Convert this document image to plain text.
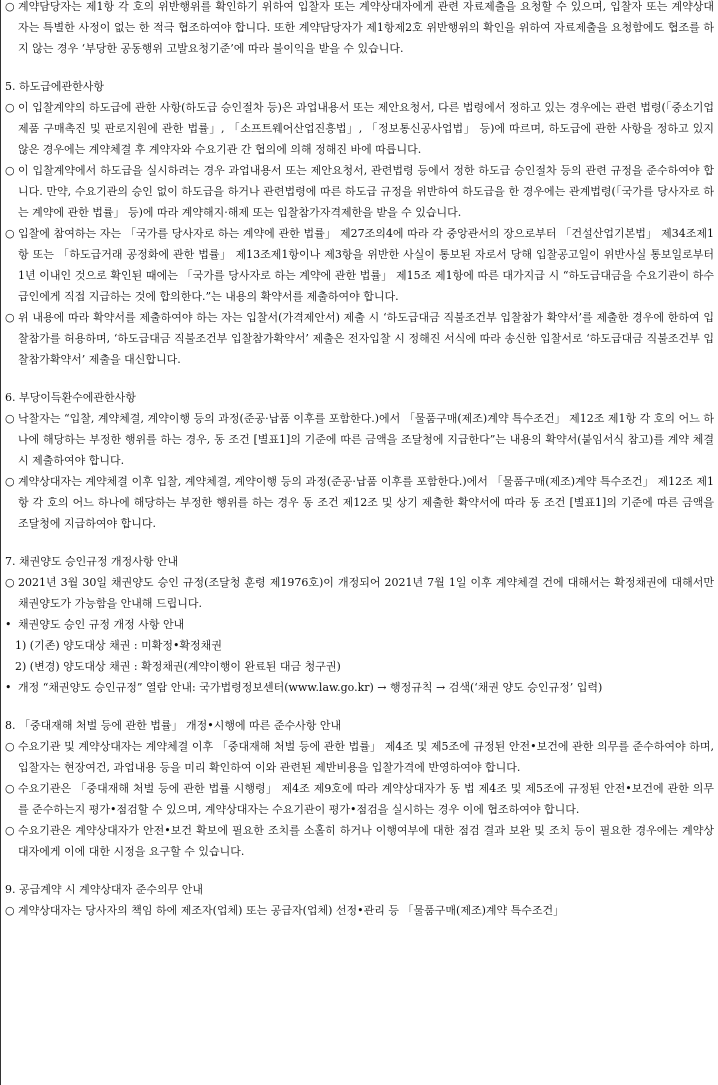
○ 계약담당자는 제1항 각 호의 위반행위를 확인하기 위하여 입찰자 또는 계약상대자에게 관련 자료제출을 요청할 수 있으며, 입찰자 또는 계약상대자는 특별한 사정이 없는 한 적극 협조하여야 합니다. 또한 계약담당자가 제1항제2호 위반행위의 확인을 위하여 자료제출을 요청함에도 협조를 하지 않는 경우 ‘부당한 공동행위 고발요청기준’에 따라 불이익을 받을 수 있습니다.

5. 하도급에관한사항

○ 이 입찰계약의 하도급에 관한 사항(하도급 승인절차 등)은 과업내용서 또는 제안요청서, 다른 법령에서 정하고 있는 경우에는 관련 법령(「중소기업제품 구매촉진 및 판로지원에 관한 법률」, 「소프트웨어산업진흥법」, 「정보통신공사업법」 등)에 따르며, 하도급에 관한 사항을 정하고 있지 않은 경우에는 계약체결 후 계약자와 수요기관 간 협의에 의해 정해진 바에 따릅니다.

○ 이 입찰계약에서 하도급을 실시하려는 경우 과업내용서 또는 제안요청서, 관련법령 등에서 정한 하도급 승인절차 등의 관련 규정을 준수하여야 합니다. 만약, 수요기관의 승인 없이 하도급을 하거나 관련법령에 따른 하도급 규정을 위반하여 하도급을 한 경우에는 관계법령(「국가를 당사자로 하는 계약에 관한 법률」 등)에 따라 계약해지·해제 또는 입찰참가자격제한을 받을 수 있습니다.

○ 입찰에 참여하는 자는 「국가를 당사자로 하는 계약에 관한 법률」 제27조의4에 따라 각 중앙관서의 장으로부터 「건설산업기본법」 제34조제1항 또는 「하도급거래 공정화에 관한 법률」 제13조제1항이나 제3항을 위반한 사실이 통보된 자로서 당해 입찰공고일이 위반사실 통보일로부터 1년 이내인 것으로 확인된 때에는 「국가를 당사자로 하는 계약에 관한 법률」 제15조 제1항에 따른 대가지급 시 “하도급대금을 수요기관이 하수급인에게 직접 지급하는 것에 합의한다.”는 내용의 확약서를 제출하여야 합니다.

○ 위 내용에 따라 확약서를 제출하여야 하는 자는 입찰서(가격제안서) 제출 시 ‘하도급대금 직불조건부 입찰참가 확약서’를 제출한 경우에 한하여 입찰참가를 허용하며, ‘하도급대금 직불조건부 입찰참가확약서’ 제출은 전자입찰 시 정해진 서식에 따라 송신한 입찰서로 ‘하도급대금 직불조건부 입찰참가확약서’ 제출을 대신합니다.

6. 부당이득환수에관한사항

○ 낙찰자는 “입찰, 계약체결, 계약이행 등의 과정(준공·납품 이후를 포함한다.)에서 「물품구매(제조)계약 특수조건」 제12조 제1항 각 호의 어느 하나에 해당하는 부정한 행위를 하는 경우, 동 조건 [별표1]의 기준에 따른 금액을 조달청에 지급한다”는 내용의 확약서(붙임서식 참고)를 계약 체결 시 제출하여야 합니다.

○ 계약상대자는 계약체결 이후 입찰, 계약체결, 계약이행 등의 과정(준공·납품 이후를 포함한다.)에서 「물품구매(제조)계약 특수조건」 제12조 제1항 각 호의 어느 하나에 해당하는 부정한 행위를 하는 경우 동 조건 제12조 및 상기 제출한 확약서에 따라 동 조건 [별표1]의 기준에 따른 금액을 조달청에 지급하여야 합니다.

7. 채권양도 승인규정 개정사항 안내

○ 2021년 3월 30일 채권양도 승인 규정(조달청 훈령 제1976호)이 개정되어 2021년 7월 1일 이후 계약체결 건에 대해서는 확정채권에 대해서만 채권양도가 가능함을 안내해 드립니다.

• 채권양도 승인 규정 개정 사항 안내

1) (기존) 양도대상 채권 : 미확정•확정채권

2) (변경) 양도대상 채권 : 확정채권(계약이행이 완료된 대금 청구권)

• 개정 “채권양도 승인규정” 열람 안내: 국가법령정보센터(www.law.go.kr) → 행정규칙 → 검색(‘채권 양도 승인규정’ 입력)

8. 「중대재해 처벌 등에 관한 법률」 개정•시행에 따른 준수사항 안내

○ 수요기관 및 계약상대자는 계약체결 이후 「중대재해 처벌 등에 관한 법률」 제4조 및 제5조에 규정된 안전•보건에 관한 의무를 준수하여야 하며, 입찰자는 현장여건, 과업내용 등을 미리 확인하여 이와 관련된 제반비용을 입찰가격에 반영하여야 합니다.

○ 수요기관은 「중대재해 처벌 등에 관한 법률 시행령」 제4조 제9호에 따라 계약상대자가 동 법 제4조 및 제5조에 규정된 안전•보건에 관한 의무를 준수하는지 평가•점검할 수 있으며, 계약상대자는 수요기관이 평가•점검을 실시하는 경우 이에 협조하여야 합니다.

○ 수요기관은 계약상대자가 안전•보건 확보에 필요한 조치를 소홀히 하거나 이행여부에 대한 점검 결과 보완 및 조치 등이 필요한 경우에는 계약상대자에게 이에 대한 시정을 요구할 수 있습니다.

9. 공급계약 시 계약상대자 준수의무 안내

○ 계약상대자는 당사자의 책임 하에 제조자(업체) 또는 공급자(업체) 선정•관리 등 「물품구매(제조)계약 특수조건」
